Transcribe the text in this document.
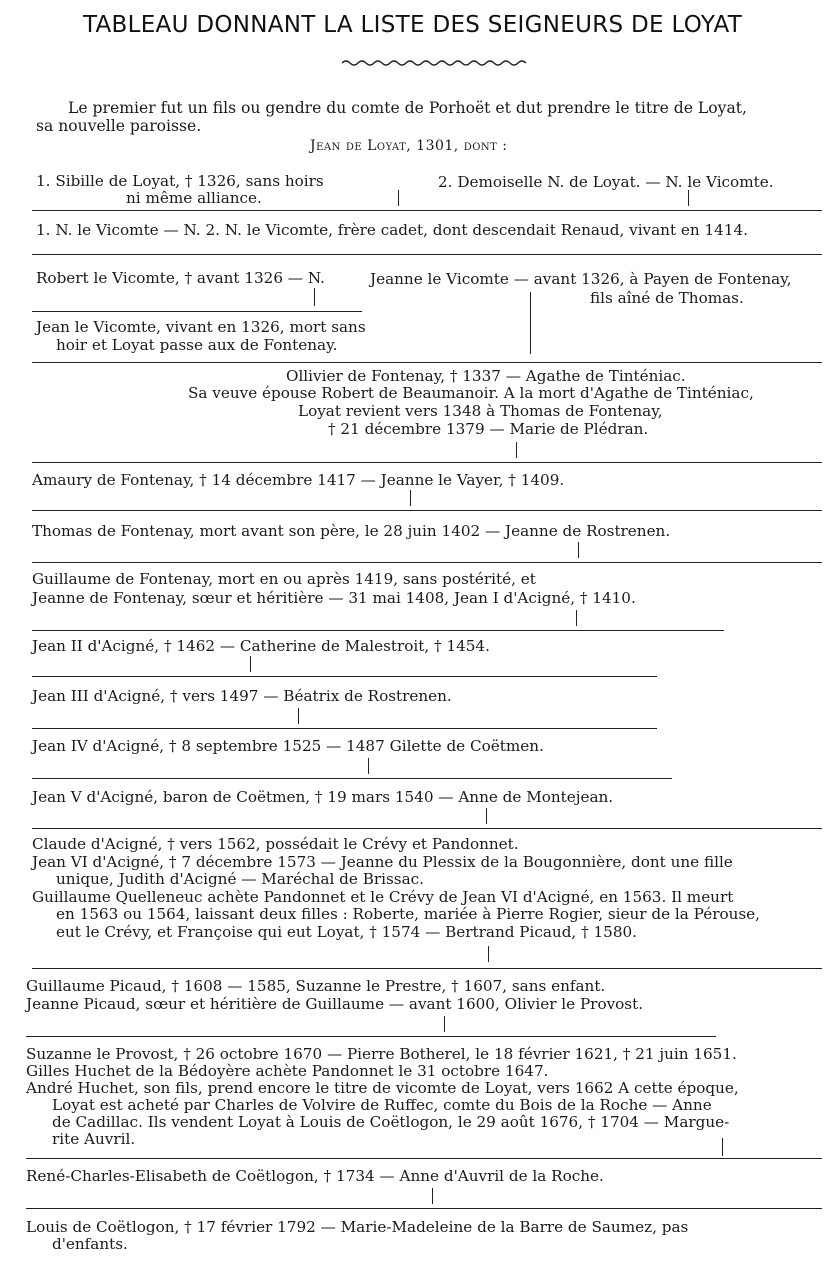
TABLEAU DONNANT LA LISTE DES SEIGNEURS DE LOYAT
Le premier fut un fils ou gendre du comte de Porhoët et dut prendre le titre de Loyat,
sa nouvelle paroisse.
Jean de Loyat, 1301, dont :
1. Sibille de Loyat, † 1326, sans hoirs
ni même alliance.
2. Demoiselle N. de Loyat. — N. le Vicomte.
1. N. le Vicomte — N. 2. N. le Vicomte, frère cadet, dont descendait Renaud, vivant en 1414.
Robert le Vicomte, † avant 1326 — N.	Jeanne le Vicomte — avant 1326, à Payen de Fontenay,
fils aîné de Thomas.
Jean le Vicomte, vivant en 1326, mort sans
hoir et Loyat passe aux de Fontenay.
Ollivier de Fontenay, † 1337 — Agathe de Tinténiac.
Sa veuve épouse Robert de Beaumanoir. A la mort d'Agathe de Tinténiac,
Loyat revient vers 1348 à Thomas de Fontenay,
† 21 décembre 1379 — Marie de Plédran.
Amaury de Fontenay, † 14 décembre 1417 — Jeanne le Vayer, † 1409.
Thomas de Fontenay, mort avant son père, le 28 juin 1402 — Jeanne de Rostrenen.
Guillaume de Fontenay, mort en ou après 1419, sans postérité, et
Jeanne de Fontenay, sœur et héritière — 31 mai 1408, Jean I d'Acigné, † 1410.
Jean II d'Acigné, † 1462 — Catherine de Malestroit, † 1454.
Jean III d'Acigné, † vers 1497 — Béatrix de Rostrenen.
Jean IV d'Acigné, † 8 septembre 1525 — 1487 Gilette de Coëtmen.
Jean V d'Acigné, baron de Coëtmen, † 19 mars 1540 — Anne de Montejean.
Claude d'Acigné, † vers 1562, possédait le Crévy et Pandonnet.
Jean VI d'Acigné, † 7 décembre 1573 — Jeanne du Plessix de la Bougonnière, dont une fille
unique, Judith d'Acigné — Maréchal de Brissac.
Guillaume Quelleneuc achète Pandonnet et le Crévy de Jean VI d'Acigné, en 1563. Il meurt
en 1563 ou 1564, laissant deux filles : Roberte, mariée à Pierre Rogier, sieur de la Pérouse,
eut le Crévy, et Françoise qui eut Loyat, † 1574 — Bertrand Picaud, † 1580.
Guillaume Picaud, † 1608 — 1585, Suzanne le Prestre, † 1607, sans enfant.
Jeanne Picaud, sœur et héritière de Guillaume — avant 1600, Olivier le Provost.
Suzanne le Provost, † 26 octobre 1670 — Pierre Botherel, le 18 février 1621, † 21 juin 1651.
Gilles Huchet de la Bédoyère achète Pandonnet le 31 octobre 1647.
André Huchet, son fils, prend encore le titre de vicomte de Loyat, vers 1662 A cette époque,
Loyat est acheté par Charles de Volvire de Ruffec, comte du Bois de la Roche — Anne
de Cadillac. Ils vendent Loyat à Louis de Coëtlogon, le 29 août 1676, † 1704 — Margue-
rite Auvril.
René-Charles-Elisabeth de Coëtlogon, † 1734 — Anne d'Auvril de la Roche.
Louis de Coëtlogon, † 17 février 1792 — Marie-Madeleine de la Barre de Saumez, pas
d'enfants.
